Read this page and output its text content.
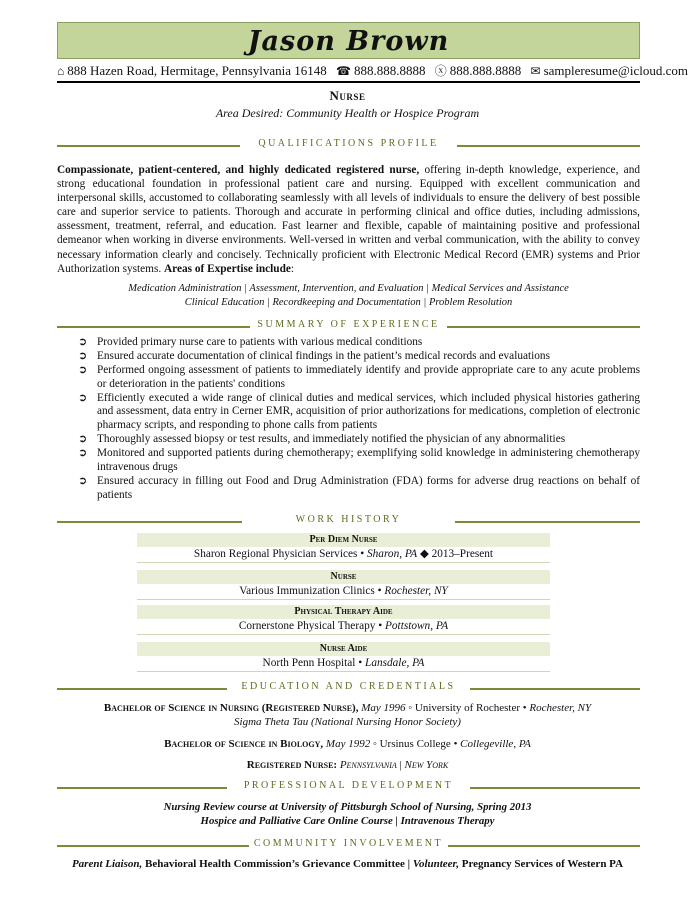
Jason Brown
⌂ 888 Hazen Road, Hermitage, Pennsylvania 16148 ☎ 888.888.8888 ⓧ 888.888.8888 ✉ sampleresume@icloud.com
Nurse
Area Desired: Community Health or Hospice Program
QUALIFICATIONS PROFILE
Compassionate, patient-centered, and highly dedicated registered nurse, offering in-depth knowledge, experience, and strong educational foundation in professional patient care and nursing. Equipped with excellent communication and interpersonal skills, accustomed to collaborating seamlessly with all levels of individuals to ensure the delivery of best possible care and superior service to patients. Thorough and accurate in performing clinical and office duties, including admissions, assessment, treatment, referral, and education. Fast learner and flexible, capable of maintaining positive and professional demeanor when working in diverse environments. Well-versed in written and verbal communication, with the ability to convey necessary information clearly and concisely. Technically proficient with Electronic Medical Record (EMR) systems and Prior Authorization systems. Areas of Expertise include:
Medication Administration | Assessment, Intervention, and Evaluation | Medical Services and Assistance
Clinical Education | Recordkeeping and Documentation | Problem Resolution
SUMMARY OF EXPERIENCE
➲ Provided primary nurse care to patients with various medical conditions
➲ Ensured accurate documentation of clinical findings in the patient’s medical records and evaluations
➲ Performed ongoing assessment of patients to immediately identify and provide appropriate care to any acute problems or deterioration in the patients' conditions
➲ Efficiently executed a wide range of clinical duties and medical services, which included physical histories gathering and assessment, data entry in Cerner EMR, acquisition of prior authorizations for medications, completion of electronic pharmacy scripts, and responding to phone calls from patients
➲ Thoroughly assessed biopsy or test results, and immediately notified the physician of any abnormalities
➲ Monitored and supported patients during chemotherapy; exemplifying solid knowledge in administering chemotherapy intravenous drugs
➲ Ensured accuracy in filling out Food and Drug Administration (FDA) forms for adverse drug reactions on behalf of patients
WORK HISTORY
Per Diem Nurse
Sharon Regional Physician Services • Sharon, PA ◆ 2013–Present
Nurse
Various Immunization Clinics • Rochester, NY
Physical Therapy Aide
Cornerstone Physical Therapy • Pottstown, PA
Nurse Aide
North Penn Hospital • Lansdale, PA
EDUCATION AND CREDENTIALS
Bachelor of Science in Nursing (Registered Nurse), May 1996 ◦ University of Rochester • Rochester, NY
Sigma Theta Tau (National Nursing Honor Society)
Bachelor of Science in Biology, May 1992 ◦ Ursinus College • Collegeville, PA
Registered Nurse: Pennsylvania | New York
PROFESSIONAL DEVELOPMENT
Nursing Review course at University of Pittsburgh School of Nursing, Spring 2013
Hospice and Palliative Care Online Course | Intravenous Therapy
COMMUNITY INVOLVEMENT
Parent Liaison, Behavioral Health Commission’s Grievance Committee | Volunteer, Pregnancy Services of Western PA
